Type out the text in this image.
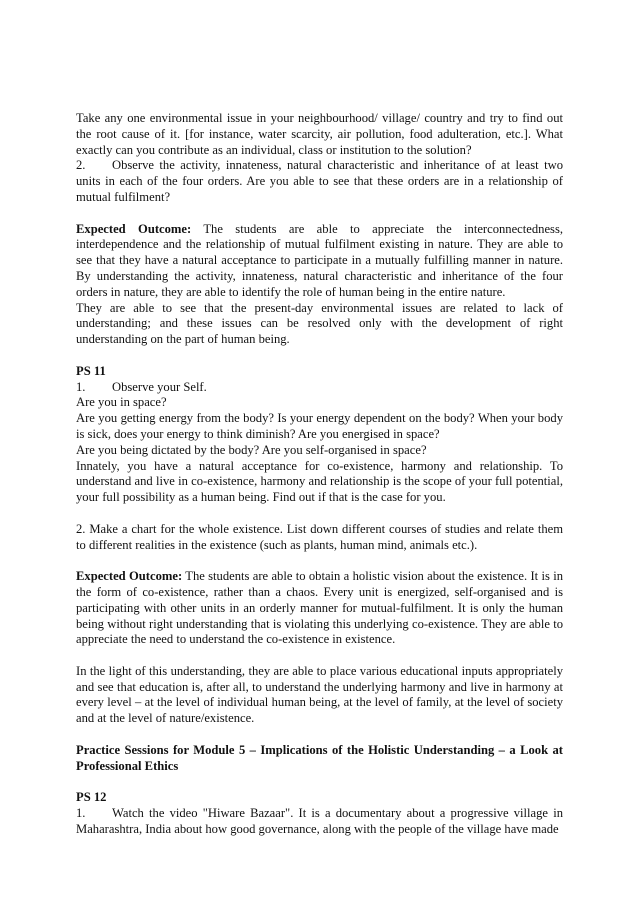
Take any one environmental issue in your neighbourhood/ village/ country and try to find out the root cause of it. [for instance, water scarcity, air pollution, food adulteration, etc.]. What exactly can you contribute as an individual, class or institution to the solution?

2. Observe the activity, innateness, natural characteristic and inheritance of at least two units in each of the four orders. Are you able to see that these orders are in a relationship of mutual fulfilment?

Expected Outcome: The students are able to appreciate the interconnectedness, interdependence and the relationship of mutual fulfilment existing in nature. They are able to see that they have a natural acceptance to participate in a mutually fulfilling manner in nature. By understanding the activity, innateness, natural characteristic and inheritance of the four orders in nature, they are able to identify the role of human being in the entire nature.

They are able to see that the present-day environmental issues are related to lack of understanding; and these issues can be resolved only with the development of right understanding on the part of human being.

PS 11

1. Observe your Self.

Are you in space?

Are you getting energy from the body? Is your energy dependent on the body? When your body is sick, does your energy to think diminish? Are you energised in space?

Are you being dictated by the body? Are you self-organised in space?

Innately, you have a natural acceptance for co-existence, harmony and relationship. To understand and live in co-existence, harmony and relationship is the scope of your full potential, your full possibility as a human being. Find out if that is the case for you.

2. Make a chart for the whole existence. List down different courses of studies and relate them to different realities in the existence (such as plants, human mind, animals etc.).

Expected Outcome: The students are able to obtain a holistic vision about the existence. It is in the form of co-existence, rather than a chaos. Every unit is energized, self-organised and is participating with other units in an orderly manner for mutual-fulfilment. It is only the human being without right understanding that is violating this underlying co-existence. They are able to appreciate the need to understand the co-existence in existence.

In the light of this understanding, they are able to place various educational inputs appropriately and see that education is, after all, to understand the underlying harmony and live in harmony at every level – at the level of individual human being, at the level of family, at the level of society and at the level of nature/existence.

Practice Sessions for Module 5 – Implications of the Holistic Understanding – a Look at Professional Ethics

PS 12

1. Watch the video "Hiware Bazaar". It is a documentary about a progressive village in Maharashtra, India about how good governance, along with the people of the village have made
